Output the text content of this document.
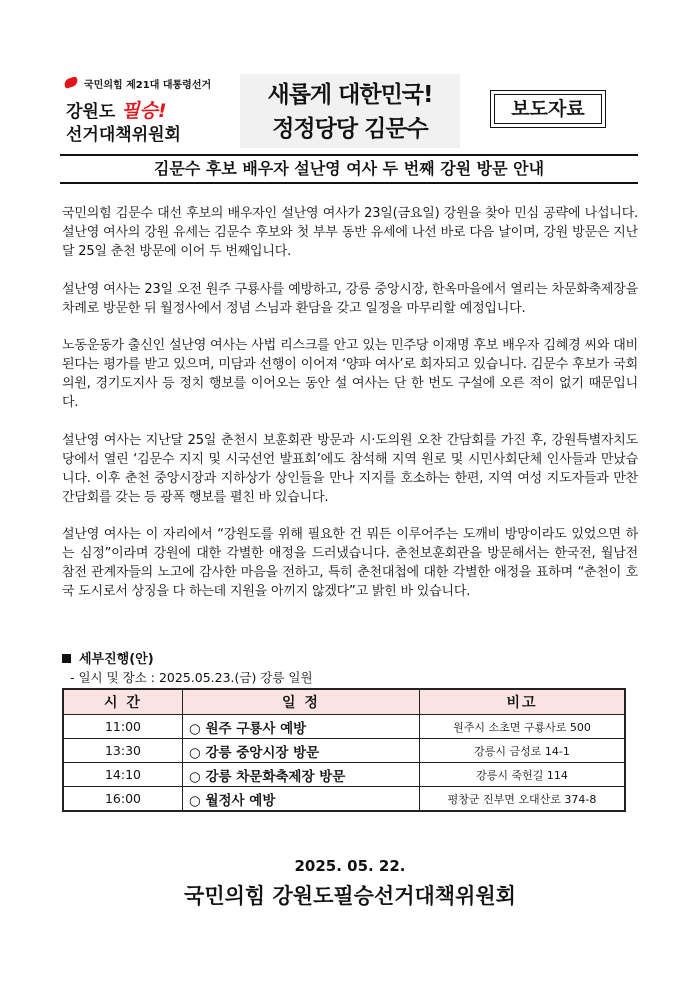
국민의힘 제21대 대통령선거
강원도 필승!
선거대책위원회
새롭게 대한민국!
정정당당 김문수
보도자료
김문수 후보 배우자 설난영 여사 두 번째 강원 방문 안내

국민의힘 김문수 대선 후보의 배우자인 설난영 여사가 23일(금요일) 강원을 찾아 민심 공략에 나섭니다. 설난영 여사의 강원 유세는 김문수 후보와 첫 부부 동반 유세에 나선 바로 다음 날이며, 강원 방문은 지난달 25일 춘천 방문에 이어 두 번째입니다.

설난영 여사는 23일 오전 원주 구룡사를 예방하고, 강릉 중앙시장, 한옥마을에서 열리는 차문화축제장을 차례로 방문한 뒤 월정사에서 정념 스님과 환담을 갖고 일정을 마무리할 예정입니다.

노동운동가 출신인 설난영 여사는 사법 리스크를 안고 있는 민주당 이재명 후보 배우자 김혜경 씨와 대비된다는 평가를 받고 있으며, 미담과 선행이 이어져 ‘양파 여사’로 회자되고 있습니다. 김문수 후보가 국회의원, 경기도지사 등 정치 행보를 이어오는 동안 설 여사는 단 한 번도 구설에 오른 적이 없기 때문입니다.

설난영 여사는 지난달 25일 춘천시 보훈회관 방문과 시·도의원 오찬 간담회를 가진 후, 강원특별자치도당에서 열린 ‘김문수 지지 및 시국선언 발표회’에도 참석해 지역 원로 및 시민사회단체 인사들과 만났습니다. 이후 춘천 중앙시장과 지하상가 상인들을 만나 지지를 호소하는 한편, 지역 여성 지도자들과 만찬 간담회를 갖는 등 광폭 행보를 펼친 바 있습니다.

설난영 여사는 이 자리에서 “강원도를 위해 필요한 건 뭐든 이루어주는 도깨비 방망이라도 있었으면 하는 심정”이라며 강원에 대한 각별한 애정을 드러냈습니다. 춘천보훈회관을 방문해서는 한국전, 월남전 참전 관계자들의 노고에 감사한 마음을 전하고, 특히 춘천대첩에 대한 각별한 애정을 표하며 “춘천이 호국 도시로서 상징을 다 하는데 지원을 아끼지 않겠다”고 밝힌 바 있습니다.

세부진행(안)
- 일시 및 장소 : 2025.05.23.(금) 강릉 일원
시 간	일 정	비고
11:00	○ 원주 구룡사 예방	원주시 소초면 구룡사로 500
13:30	○ 강릉 중앙시장 방문	강릉시 금성로 14-1
14:10	○ 강릉 차문화축제장 방문	강릉시 죽헌길 114
16:00	○ 월정사 예방	평창군 진부면 오대산로 374-8
2025. 05. 22.
국민의힘 강원도필승선거대책위원회
